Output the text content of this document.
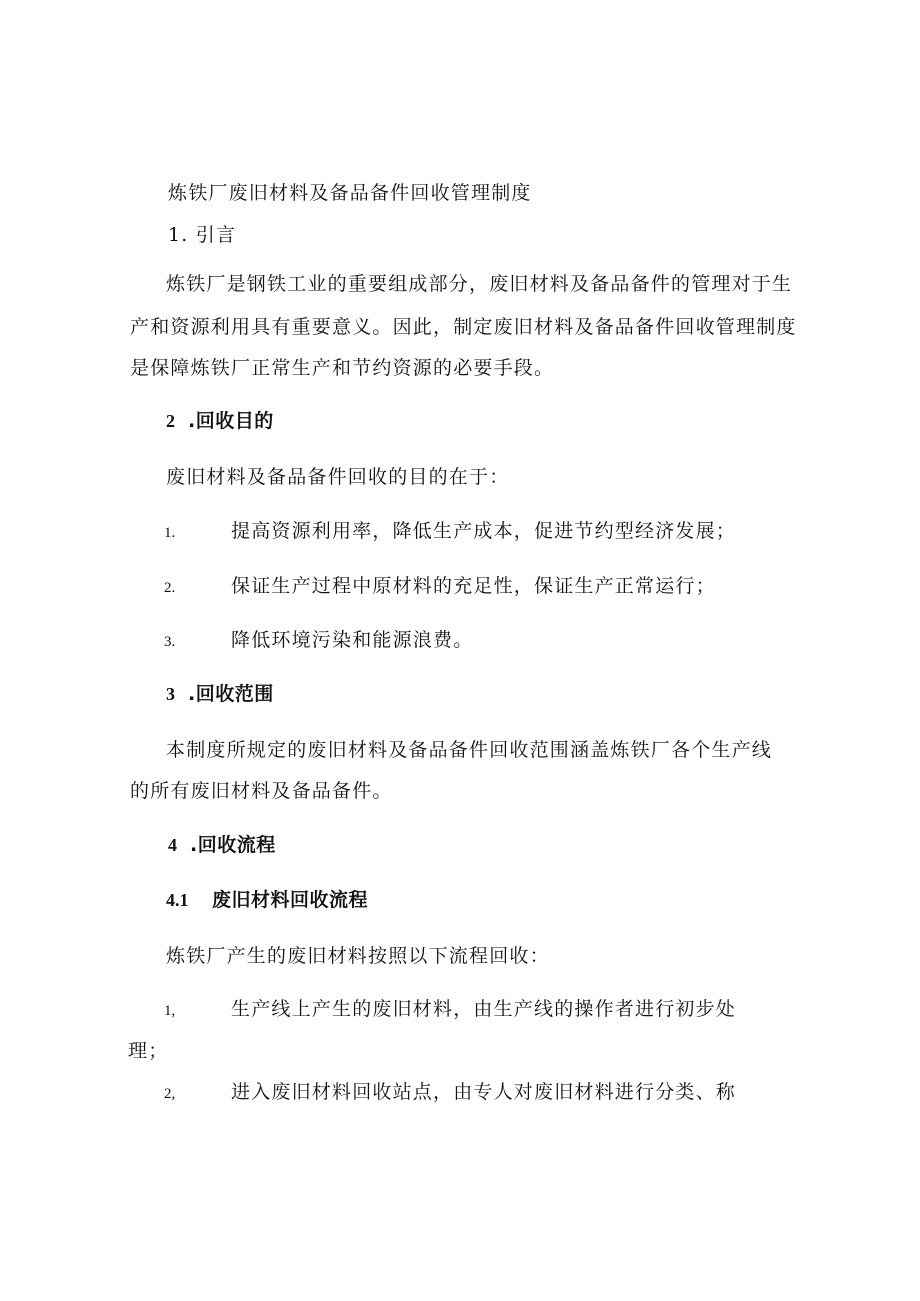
炼铁厂废旧材料及备品备件回收管理制度
1. 引言
炼铁厂是钢铁工业的重要组成部分，废旧材料及备品备件的管理对于生
产和资源利用具有重要意义。因此，制定废旧材料及备品备件回收管理制度
是保障炼铁厂正常生产和节约资源的必要手段。
2 .回收目的
废旧材料及备品备件回收的目的在于：
1.	提高资源利用率，降低生产成本，促进节约型经济发展；
2.	保证生产过程中原材料的充足性，保证生产正常运行；
3.	降低环境污染和能源浪费。
3 .回收范围
本制度所规定的废旧材料及备品备件回收范围涵盖炼铁厂各个生产线
的所有废旧材料及备品备件。
4 .回收流程
4.1 废旧材料回收流程
炼铁厂产生的废旧材料按照以下流程回收：
1,	生产线上产生的废旧材料，由生产线的操作者进行初步处
理；
2,	进入废旧材料回收站点，由专人对废旧材料进行分类、称
